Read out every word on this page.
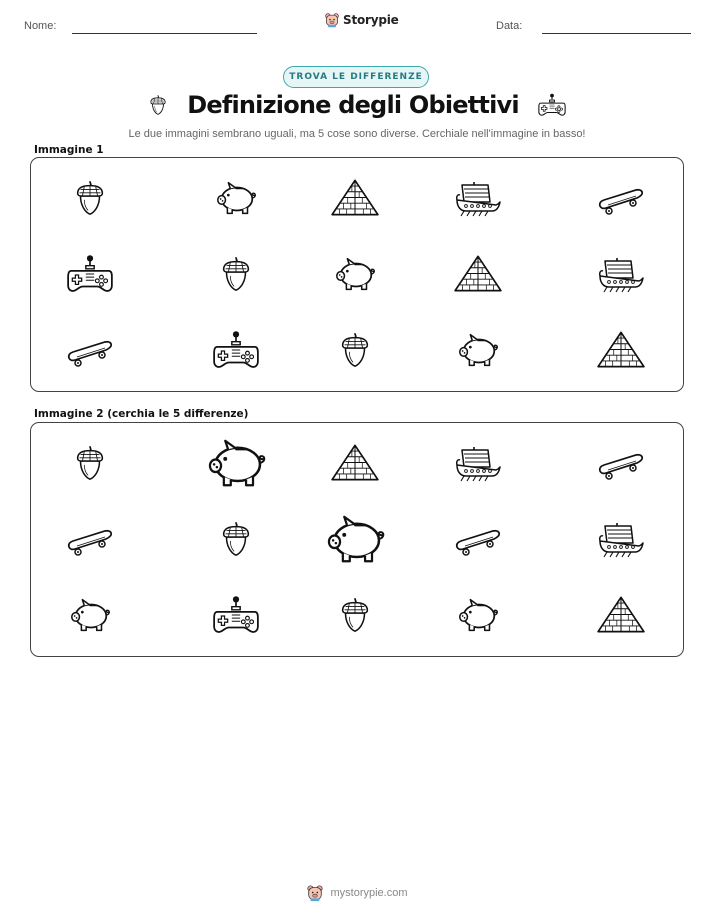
Nome:	Storypie	Data:
TROVA LE DIFFERENZE
Definizione degli Obiettivi
Le due immagini sembrano uguali, ma 5 cose sono diverse. Cerchiale nell'immagine in basso!
Immagine 1
Immagine 2 (cerchia le 5 differenze)
mystorypie.com
